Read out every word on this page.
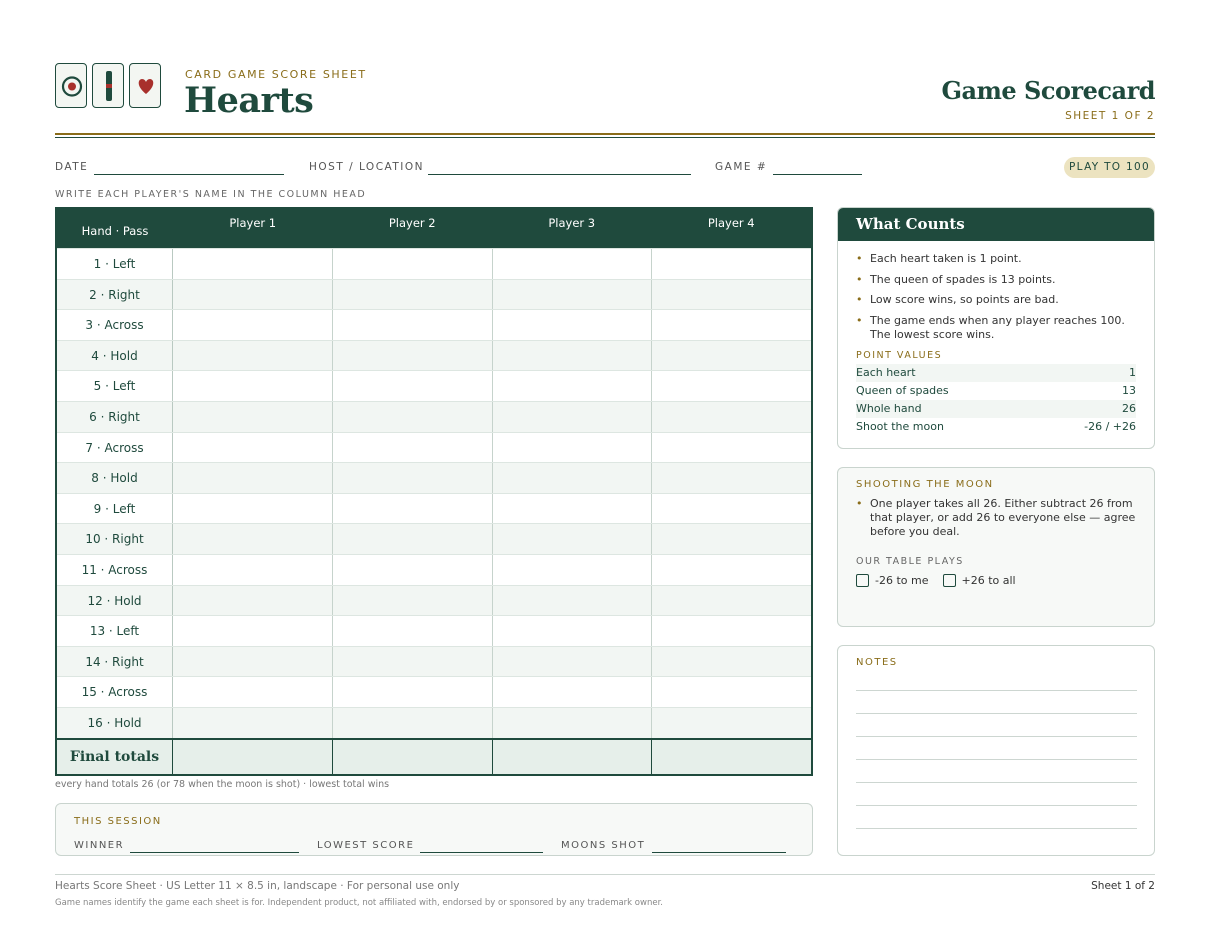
CARD GAME SCORE SHEET
Hearts	Game Scorecard
SHEET 1 OF 2
DATE	HOST / LOCATION	GAME #	PLAY TO 100
WRITE EACH PLAYER'S NAME IN THE COLUMN HEAD
Hand · Pass
Player 1	Player 2	Player 3	Player 4
1 · Left
2 · Right
3 · Across
4 · Hold
5 · Left
6 · Right
7 · Across
8 · Hold
9 · Left
10 · Right
11 · Across
12 · Hold
13 · Left
14 · Right
15 · Across
16 · Hold
Final totals
every hand totals 26 (or 78 when the moon is shot) · lowest total wins
THIS SESSION
WINNER	LOWEST SCORE	MOONS SHOT
What Counts
• Each heart taken is 1 point.
• The queen of spades is 13 points.
• Low score wins, so points are bad.
• The game ends when any player reaches 100. The lowest score wins.
POINT VALUES
Each heart	1
Queen of spades	13
Whole hand	26
Shoot the moon	-26 / +26
SHOOTING THE MOON
• One player takes all 26. Either subtract 26 from that player, or add 26 to everyone else — agree before you deal.
OUR TABLE PLAYS
-26 to me	+26 to all
NOTES
Hearts Score Sheet · US Letter 11 × 8.5 in, landscape · For personal use only	Sheet 1 of 2
Game names identify the game each sheet is for. Independent product, not affiliated with, endorsed by or sponsored by any trademark owner.
